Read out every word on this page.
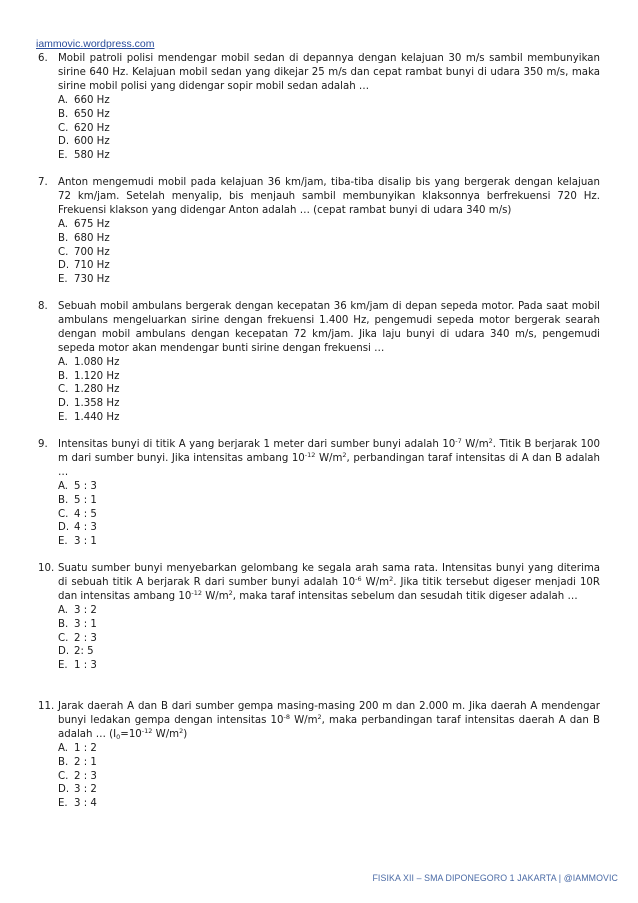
iammovic.wordpress.com
6. Mobil patroli polisi mendengar mobil sedan di depannya dengan kelajuan 30 m/s sambil membunyikan sirine 640 Hz. Kelajuan mobil sedan yang dikejar 25 m/s dan cepat rambat bunyi di udara 350 m/s, maka sirine mobil polisi yang didengar sopir mobil sedan adalah …
A. 660 Hz
B. 650 Hz
C. 620 Hz
D. 600 Hz
E. 580 Hz
7. Anton mengemudi mobil pada kelajuan 36 km/jam, tiba-tiba disalip bis yang bergerak dengan kelajuan 72 km/jam. Setelah menyalip, bis menjauh sambil membunyikan klaksonnya berfrekuensi 720 Hz. Frekuensi klakson yang didengar Anton adalah … (cepat rambat bunyi di udara 340 m/s)
A. 675 Hz
B. 680 Hz
C. 700 Hz
D. 710 Hz
E. 730 Hz
8. Sebuah mobil ambulans bergerak dengan kecepatan 36 km/jam di depan sepeda motor. Pada saat mobil ambulans mengeluarkan sirine dengan frekuensi 1.400 Hz, pengemudi sepeda motor bergerak searah dengan mobil ambulans dengan kecepatan 72 km/jam. Jika laju bunyi di udara 340 m/s, pengemudi sepeda motor akan mendengar bunti sirine dengan frekuensi …
A. 1.080 Hz
B. 1.120 Hz
C. 1.280 Hz
D. 1.358 Hz
E. 1.440 Hz
9. Intensitas bunyi di titik A yang berjarak 1 meter dari sumber bunyi adalah $10^{-7}$ $W/m^2$. Titik B berjarak 100 m dari sumber bunyi. Jika intensitas ambang $10^{-12}$ $W/m^2$, perbandingan taraf intensitas di A dan B adalah …
A. 5 : 3
B. 5 : 1
C. 4 : 5
D. 4 : 3
E. 3 : 1
10. Suatu sumber bunyi menyebarkan gelombang ke segala arah sama rata. Intensitas bunyi yang diterima di sebuah titik A berjarak R dari sumber bunyi adalah $10^{-6}$ $W/m^2$. Jika titik tersebut digeser menjadi 10R dan intensitas ambang $10^{-12}$ $W/m^2$, maka taraf intensitas sebelum dan sesudah titik digeser adalah …
A. 3 : 2
B. 3 : 1
C. 2 : 3
D. 2: 5
E. 1 : 3
11. Jarak daerah A dan B dari sumber gempa masing-masing 200 m dan 2.000 m. Jika daerah A mendengar bunyi ledakan gempa dengan intensitas $10^{-8}$ $W/m^2$, maka perbandingan taraf intensitas daerah A dan B adalah … ($I_0=10^{-12}$ $W/m^2$)
A. 1 : 2
B. 2 : 1
C. 2 : 3
D. 3 : 2
E. 3 : 4
FISIKA XII – SMA DIPONEGORO 1 JAKARTA | @IAMMOVIC
